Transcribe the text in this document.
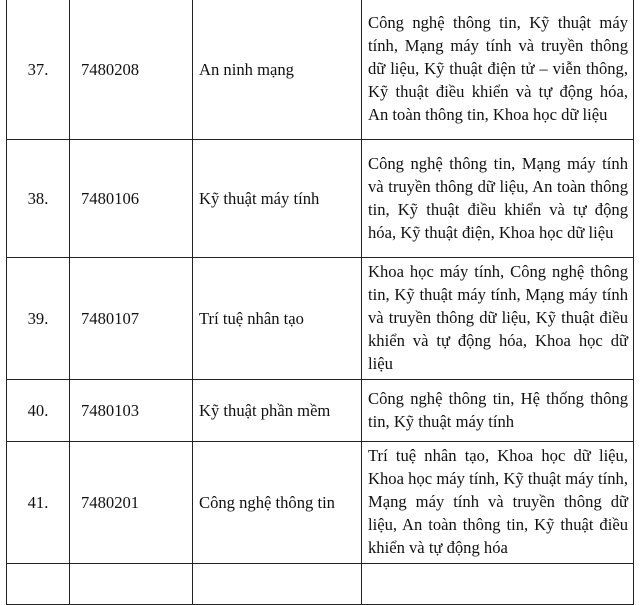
37.	7480208	An ninh mạng	Công nghệ thông tin, Kỹ thuật máy tính, Mạng máy tính và truyền thông dữ liệu, Kỹ thuật điện tử – viễn thông, Kỹ thuật điều khiển và tự động hóa, An toàn thông tin, Khoa học dữ liệu
38.	7480106	Kỹ thuật máy tính	Công nghệ thông tin, Mạng máy tính và truyền thông dữ liệu, An toàn thông tin, Kỹ thuật điều khiển và tự động hóa, Kỹ thuật điện, Khoa học dữ liệu
39.	7480107	Trí tuệ nhân tạo	Khoa học máy tính, Công nghệ thông tin, Kỹ thuật máy tính, Mạng máy tính và truyền thông dữ liệu, Kỹ thuật điều khiển và tự động hóa, Khoa học dữ liệu
40.	7480103	Kỹ thuật phần mềm	Công nghệ thông tin, Hệ thống thông tin, Kỹ thuật máy tính
41.	7480201	Công nghệ thông tin	Trí tuệ nhân tạo, Khoa học dữ liệu, Khoa học máy tính, Kỹ thuật máy tính, Mạng máy tính và truyền thông dữ liệu, An toàn thông tin, Kỹ thuật điều khiển và tự động hóa
